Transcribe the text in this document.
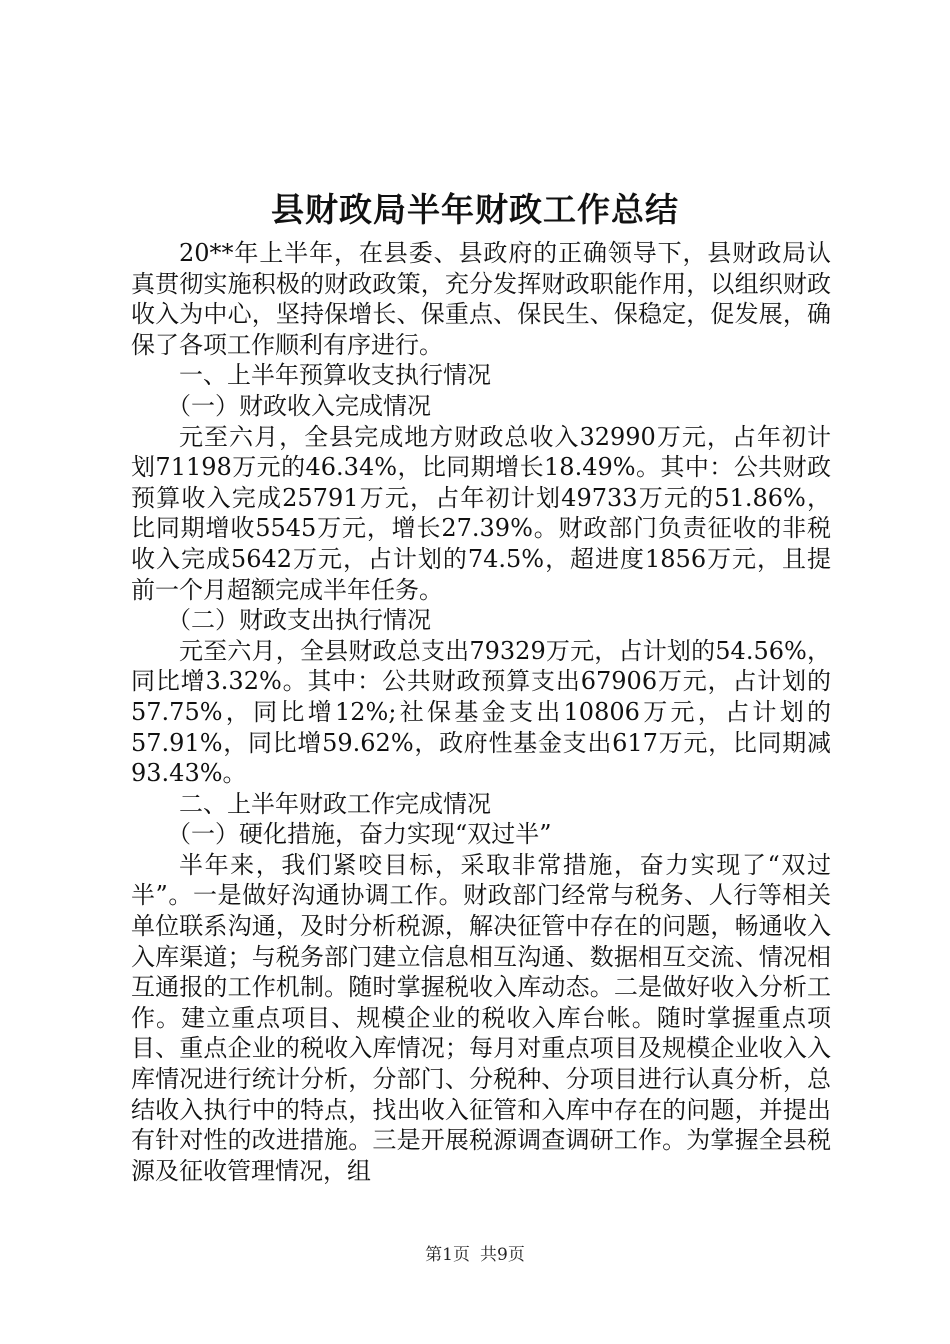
县财政局半年财政工作总结

20**年上半年，在县委、县政府的正确领导下，县财政局认真贯彻实施积极的财政政策，充分发挥财政职能作用，以组织财政收入为中心，坚持保增长、保重点、保民生、保稳定，促发展，确保了各项工作顺利有序进行。

一、上半年预算收支执行情况

（一）财政收入完成情况

元至六月，全县完成地方财政总收入32990万元，占年初计划71198万元的46.34%，比同期增长18.49%。其中：公共财政预算收入完成25791万元，占年初计划49733万元的51.86%，比同期增收5545万元，增长27.39%。财政部门负责征收的非税收入完成5642万元，占计划的74.5%，超进度1856万元，且提前一个月超额完成半年任务。

（二）财政支出执行情况

元至六月，全县财政总支出79329万元，占计划的54.56%，同比增3.32%。其中：公共财政预算支出67906万元，占计划的57.75%，同比增12%;社保基金支出10806万元，占计划的57.91%，同比增59.62%，政府性基金支出617万元，比同期减93.43%。

二、上半年财政工作完成情况

（一）硬化措施，奋力实现“双过半”

半年来，我们紧咬目标，采取非常措施，奋力实现了“双过半”。一是做好沟通协调工作。财政部门经常与税务、人行等相关单位联系沟通，及时分析税源，解决征管中存在的问题，畅通收入入库渠道；与税务部门建立信息相互沟通、数据相互交流、情况相互通报的工作机制。随时掌握税收入库动态。二是做好收入分析工作。建立重点项目、规模企业的税收入库台帐。随时掌握重点项目、重点企业的税收入库情况；每月对重点项目及规模企业收入入库情况进行统计分析，分部门、分税种、分项目进行认真分析，总结收入执行中的特点，找出收入征管和入库中存在的问题，并提出有针对性的改进措施。三是开展税源调查调研工作。为掌握全县税源及征收管理情况，组

第1页 共9页
